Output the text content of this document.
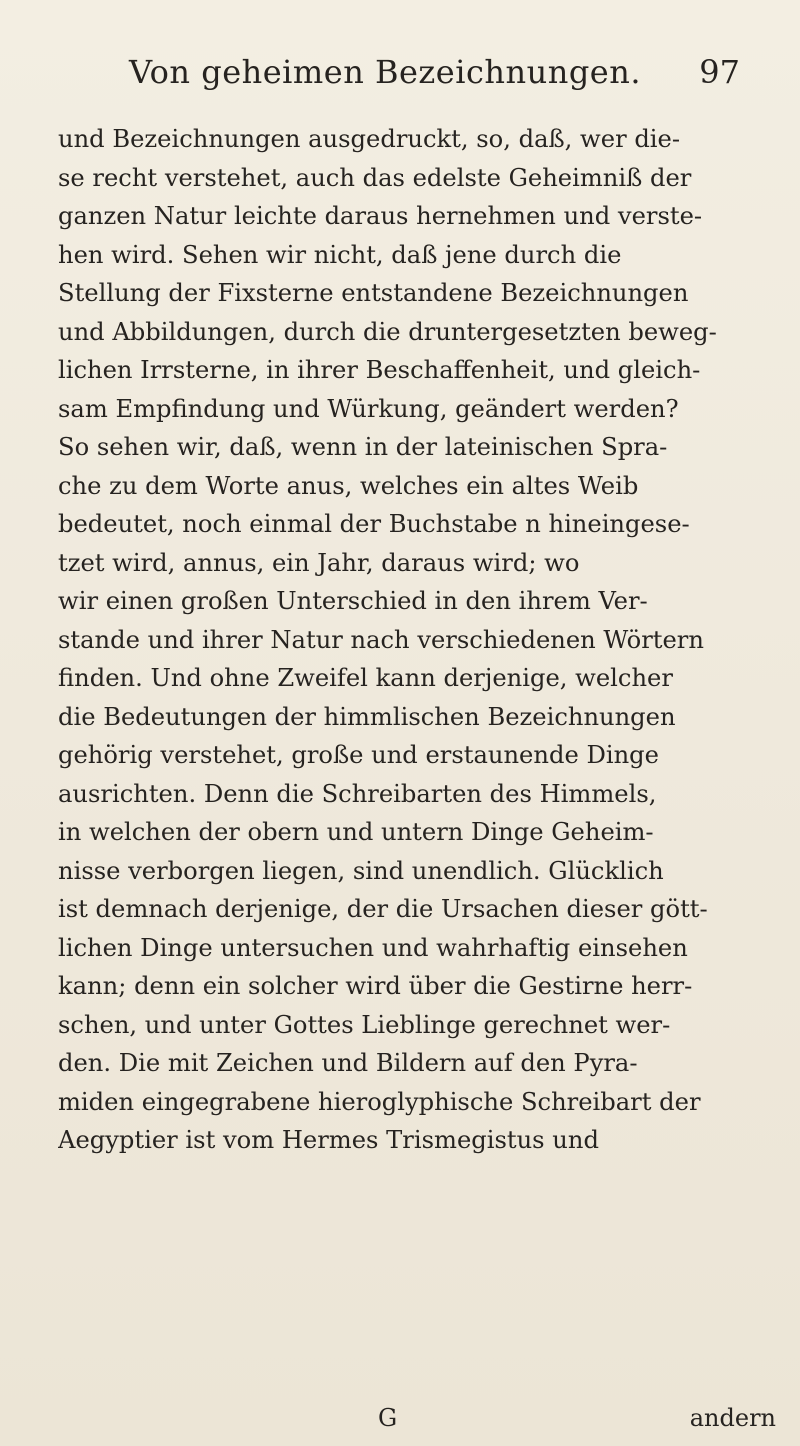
Von geheimen Bezeichnungen. 97
und Bezeichnungen ausgedruckt, so, daß, wer die-
se recht verstehet, auch das edelste Geheimniß der
ganzen Natur leichte daraus hernehmen und verste-
hen wird. Sehen wir nicht, daß jene durch die
Stellung der Fixsterne entstandene Bezeichnungen
und Abbildungen, durch die druntergesetzten beweg-
lichen Irrsterne, in ihrer Beschaffenheit, und gleich-
sam Empfindung und Würkung, geändert werden?
So sehen wir, daß, wenn in der lateinischen Spra-
che zu dem Worte anus, welches ein altes Weib
bedeutet, noch einmal der Buchstabe n hineingese-
tzet wird, annus, ein Jahr, daraus wird; wo
wir einen großen Unterschied in den ihrem Ver-
stande und ihrer Natur nach verschiedenen Wörtern
finden. Und ohne Zweifel kann derjenige, welcher
die Bedeutungen der himmlischen Bezeichnungen
gehörig verstehet, große und erstaunende Dinge
ausrichten. Denn die Schreibarten des Himmels,
in welchen der obern und untern Dinge Geheim-
nisse verborgen liegen, sind unendlich. Glücklich
ist demnach derjenige, der die Ursachen dieser gött-
lichen Dinge untersuchen und wahrhaftig einsehen
kann; denn ein solcher wird über die Gestirne herr-
schen, und unter Gottes Lieblinge gerechnet wer-
den. Die mit Zeichen und Bildern auf den Pyra-
miden eingegrabene hieroglyphische Schreibart der
Aegyptier ist vom Hermes Trismegistus und
G	andern
